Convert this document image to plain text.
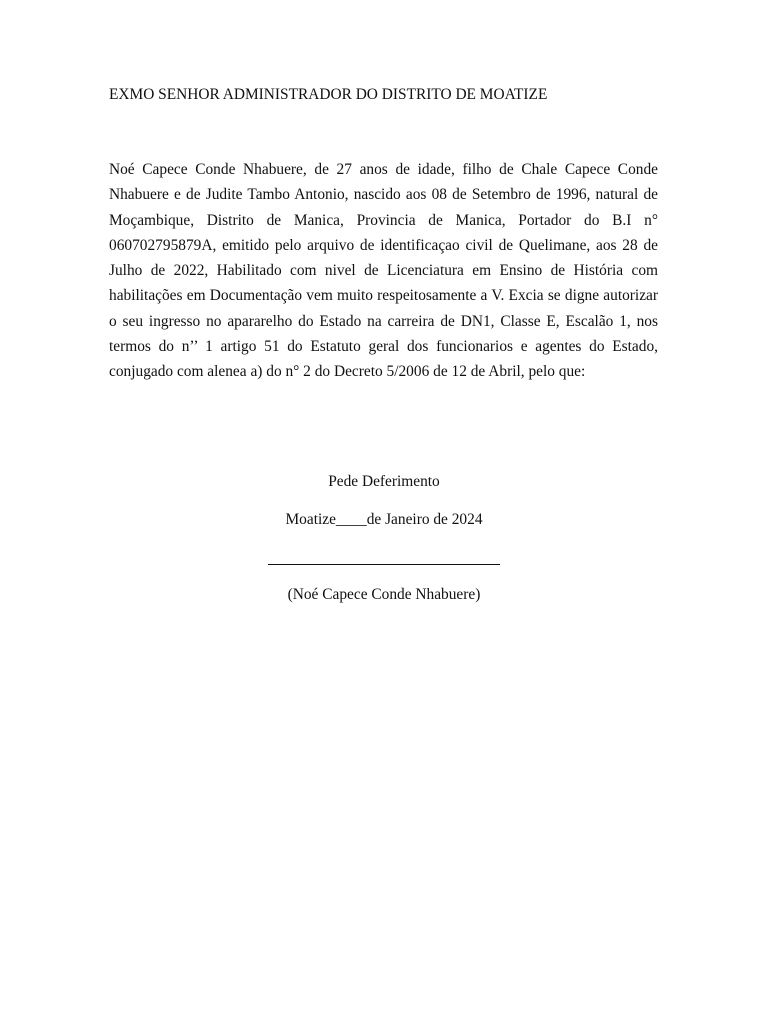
EXMO SENHOR ADMINISTRADOR DO DISTRITO DE MOATIZE

Noé Capece Conde Nhabuere, de 27 anos de idade, filho de Chale Capece Conde Nhabuere e de Judite Tambo Antonio, nascido aos 08 de Setembro de 1996, natural de Moçambique, Distrito de Manica, Provincia de Manica, Portador do B.I n° 060702795879A, emitido pelo arquivo de identificaçao civil de Quelimane, aos 28 de Julho de 2022, Habilitado com nivel de Licenciatura em Ensino de História com habilitações em Documentação vem muito respeitosamente a V. Excia se digne autorizar o seu ingresso no apararelho do Estado na carreira de DN1, Classe E, Escalão 1, nos termos do n’’ 1 artigo 51 do Estatuto geral dos funcionarios e agentes do Estado, conjugado com alenea a) do n° 2 do Decreto 5/2006 de 12 de Abril, pelo que:

Pede Deferimento
Moatize____de Janeiro de 2024
(Noé Capece Conde Nhabuere)
